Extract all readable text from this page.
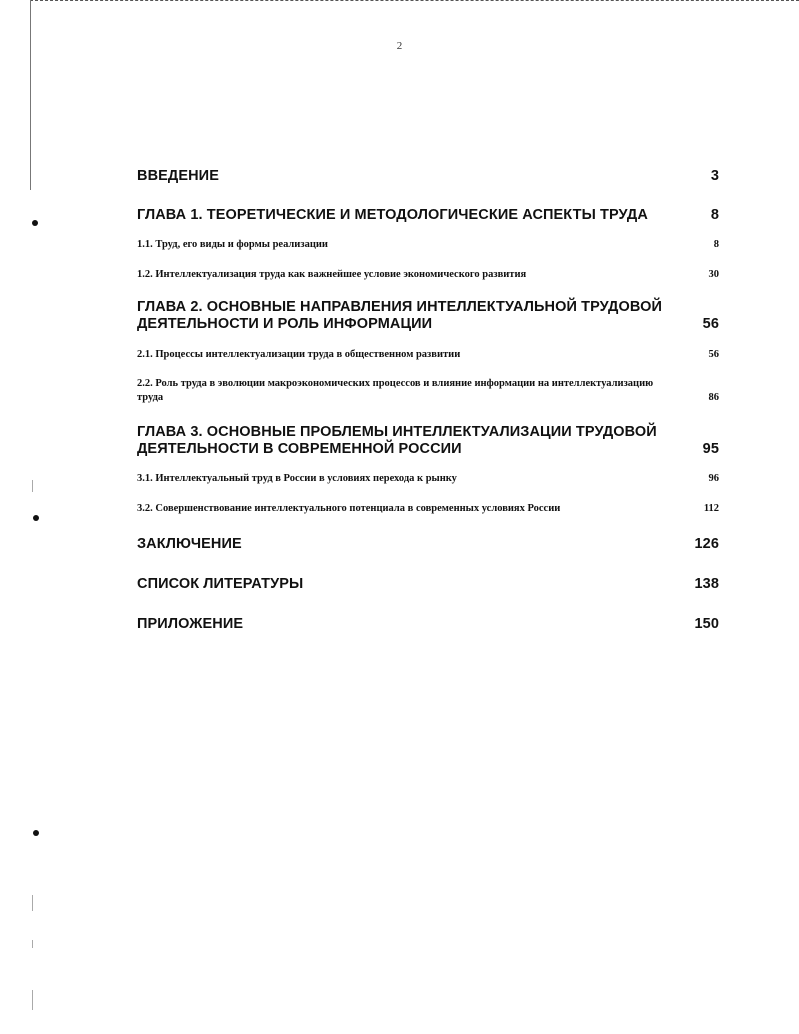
2
ВВЕДЕНИЕ	3
ГЛАВА 1. ТЕОРЕТИЧЕСКИЕ И МЕТОДОЛОГИЧЕСКИЕ АСПЕКТЫ ТРУДА	8
1.1. Труд, его виды и формы реализации	8
1.2. Интеллектуализация труда как важнейшее условие экономического развития	30
ГЛАВА 2. ОСНОВНЫЕ НАПРАВЛЕНИЯ ИНТЕЛЛЕКТУАЛЬНОЙ ТРУДОВОЙ ДЕЯТЕЛЬНОСТИ И РОЛЬ ИНФОРМАЦИИ	56
2.1. Процессы интеллектуализации труда в общественном развитии	56
2.2. Роль труда в эволюции макроэкономических процессов и влияние информации на интеллектуализацию труда	86
ГЛАВА 3. ОСНОВНЫЕ ПРОБЛЕМЫ ИНТЕЛЛЕКТУАЛИЗАЦИИ ТРУДОВОЙ ДЕЯТЕЛЬНОСТИ В СОВРЕМЕННОЙ РОССИИ	95
3.1. Интеллектуальный труд в России в условиях перехода к рынку	96
3.2. Совершенствование интеллектуального потенциала в современных условиях России	112
ЗАКЛЮЧЕНИЕ	126
СПИСОК ЛИТЕРАТУРЫ	138
ПРИЛОЖЕНИЕ	150
